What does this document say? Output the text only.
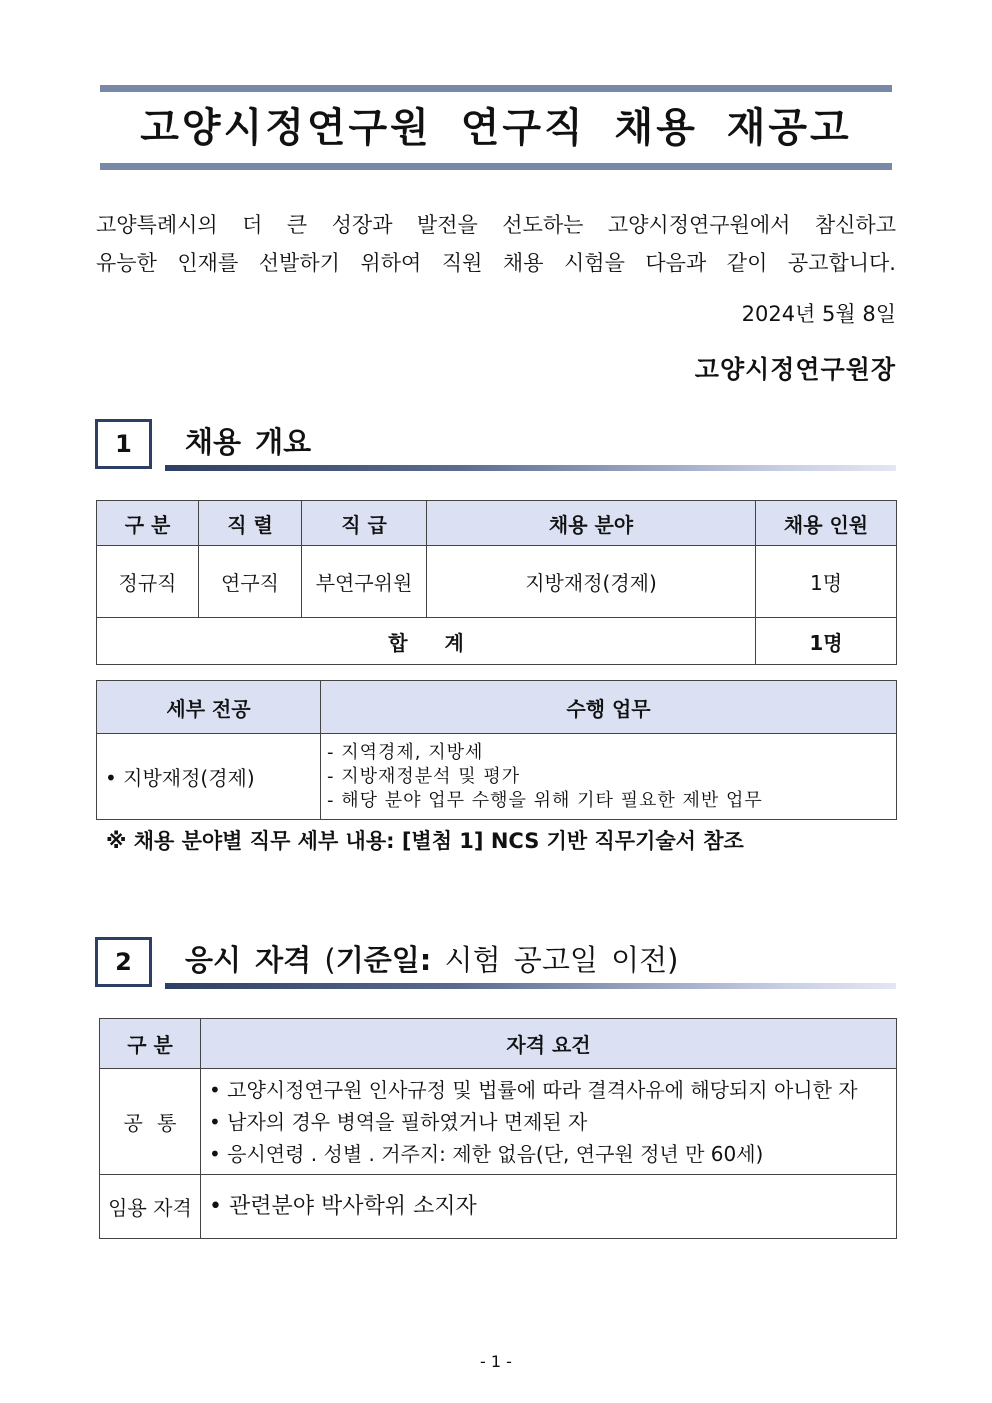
고양시정연구원 연구직 채용 재공고

고양특례시의 더 큰 성장과 발전을 선도하는 고양시정연구원에서 참신하고

유능한 인재를 선발하기 위하여 직원 채용 시험을 다음과 같이 공고합니다.

2024년 5월 8일
고양시정연구원장
1	채용 개요
구 분	직 렬	직 급	채용 분야	채용 인원
정규직	연구직	부연구위원	지방재정(경제)	1명
합 계				1명
세부 전공	수행 업무
• 지방재정(경제)	- 지역경제, 지방세
- 지방재정분석 및 평가
- 해당 분야 업무 수행을 위해 기타 필요한 제반 업무
※ 채용 분야별 직무 세부 내용: [별첨 1] NCS 기반 직무기술서 참조
2	응시 자격 (기준일: 시험 공고일 이전)
구 분	자격 요건
공 통	• 고양시정연구원 인사규정 및 법률에 따라 결격사유에 해당되지 아니한 자
• 남자의 경우 병역을 필하였거나 면제된 자
• 응시연령 . 성별 . 거주지: 제한 없음(단, 연구원 정년 만 60세)

임용 자격	• 관련분야 박사학위 소지자
- 1 -
